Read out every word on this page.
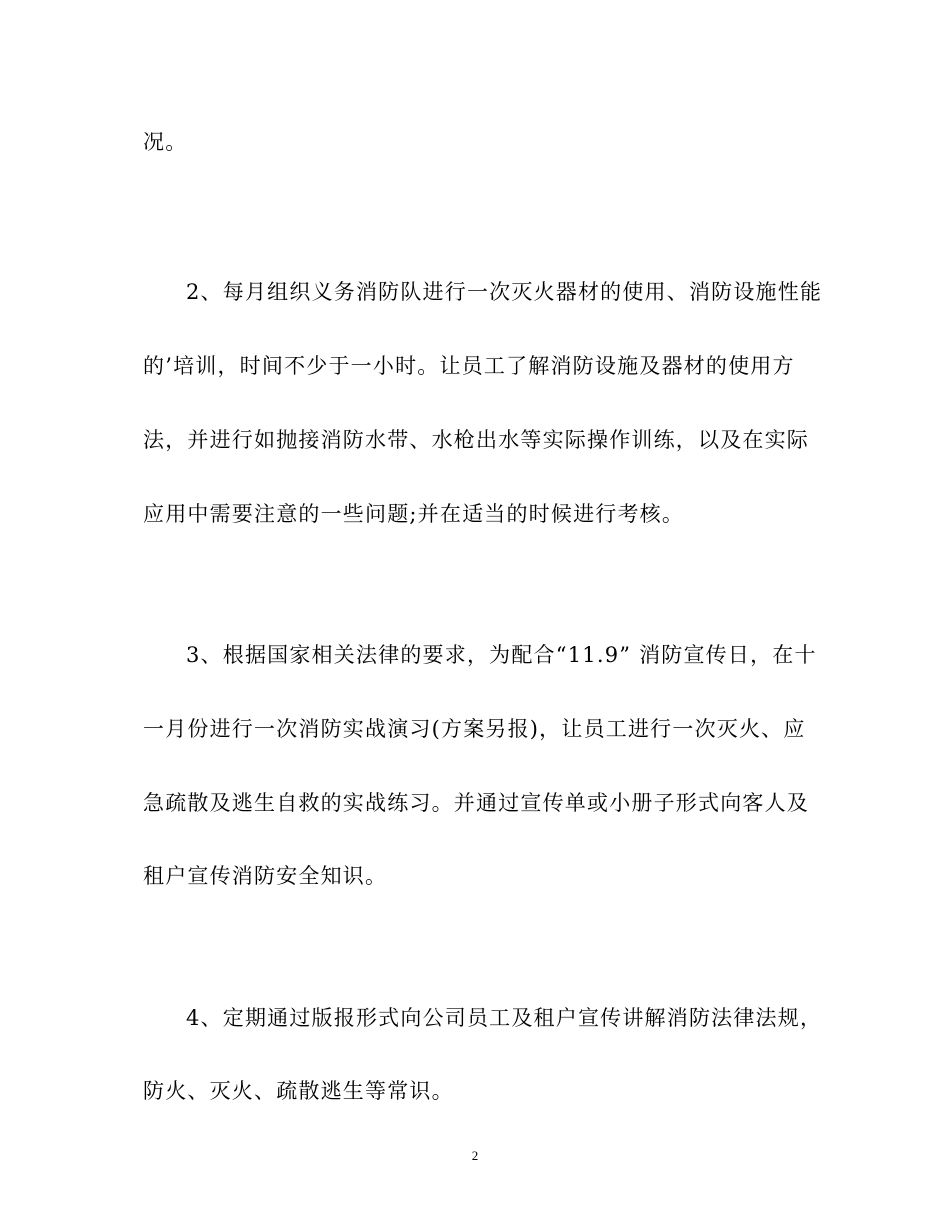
况。
2、每月组织义务消防队进行一次灭火器材的使用、消防设施性能
的’培训，时间不少于一小时。让员工了解消防设施及器材的使用方
法，并进行如抛接消防水带、水枪出水等实际操作训练，以及在实际
应用中需要注意的一些问题;并在适当的时候进行考核。
3、根据国家相关法律的要求，为配合“11.9” 消防宣传日，在十
一月份进行一次消防实战演习(方案另报)，让员工进行一次灭火、应
急疏散及逃生自救的实战练习。并通过宣传单或小册子形式向客人及
租户宣传消防安全知识。
4、定期通过版报形式向公司员工及租户宣传讲解消防法律法规，
防火、灭火、疏散逃生等常识。
2
